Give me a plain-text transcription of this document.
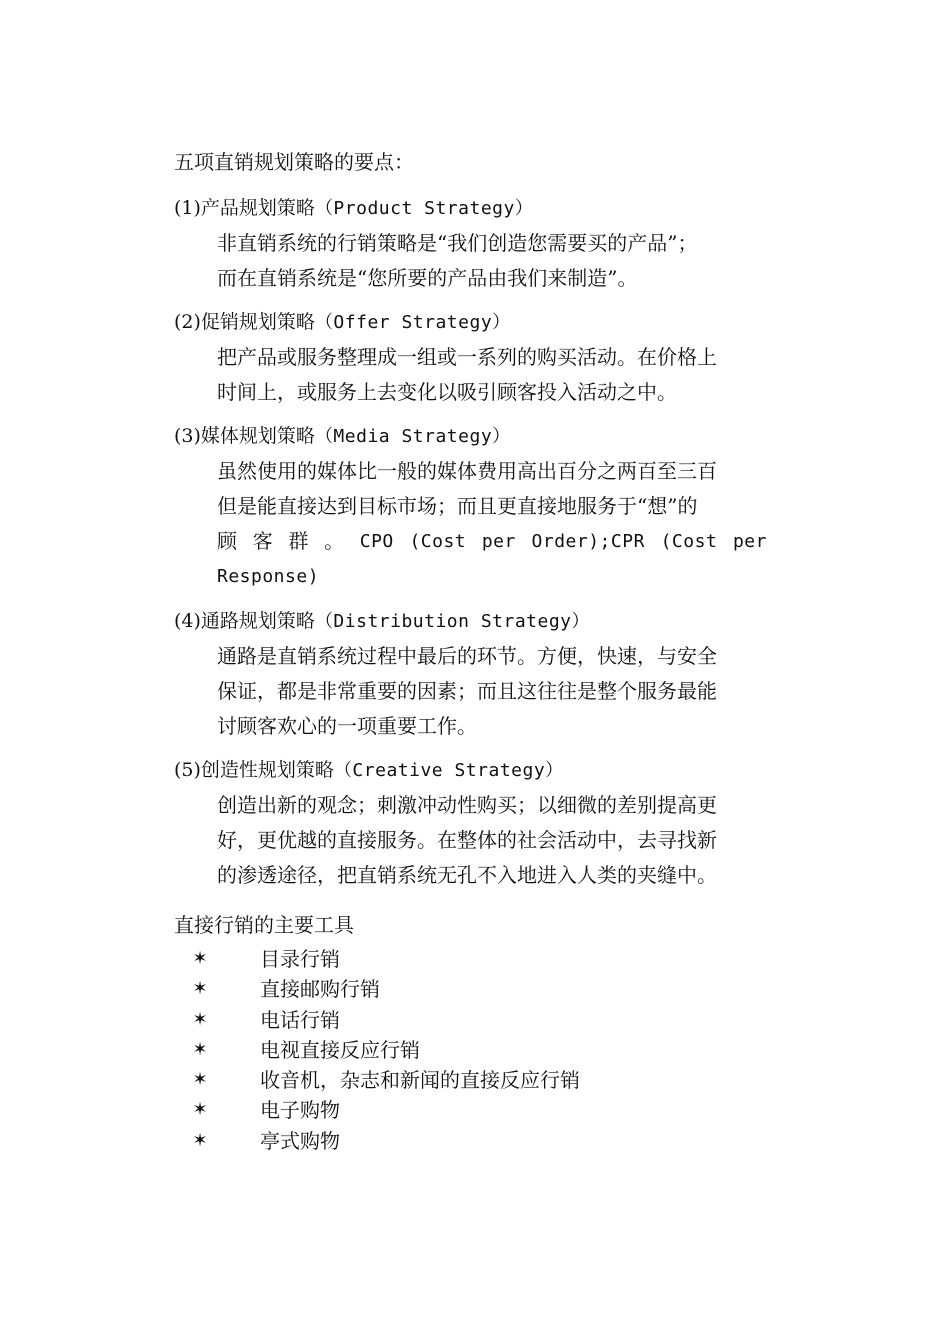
五项直销规划策略的要点：
(1)产品规划策略（Product Strategy）
非直销系统的行销策略是“我们创造您需要买的产品”；
而在直销系统是“您所要的产品由我们来制造”。
(2)促销规划策略（Offer Strategy）
把产品或服务整理成一组或一系列的购买活动。在价格上
时间上，或服务上去变化以吸引顾客投入活动之中。
(3)媒体规划策略（Media Strategy）
虽然使用的媒体比一般的媒体费用高出百分之两百至三百
但是能直接达到目标市场；而且更直接地服务于“想”的
顾 客 群 。 CPO (Cost per Order);CPR (Cost per
Response)
(4)通路规划策略（Distribution Strategy）
通路是直销系统过程中最后的环节。方便，快速，与安全
保证，都是非常重要的因素；而且这往往是整个服务最能
讨顾客欢心的一项重要工作。
(5)创造性规划策略（Creative Strategy）
创造出新的观念；刺激冲动性购买；以细微的差别提高更
好，更优越的直接服务。在整体的社会活动中，去寻找新
的渗透途径，把直销系统无孔不入地进入人类的夹缝中。
直接行销的主要工具
✶	目录行销
✶	直接邮购行销
✶	电话行销
✶	电视直接反应行销
✶	收音机，杂志和新闻的直接反应行销
✶	电子购物
✶	亭式购物
